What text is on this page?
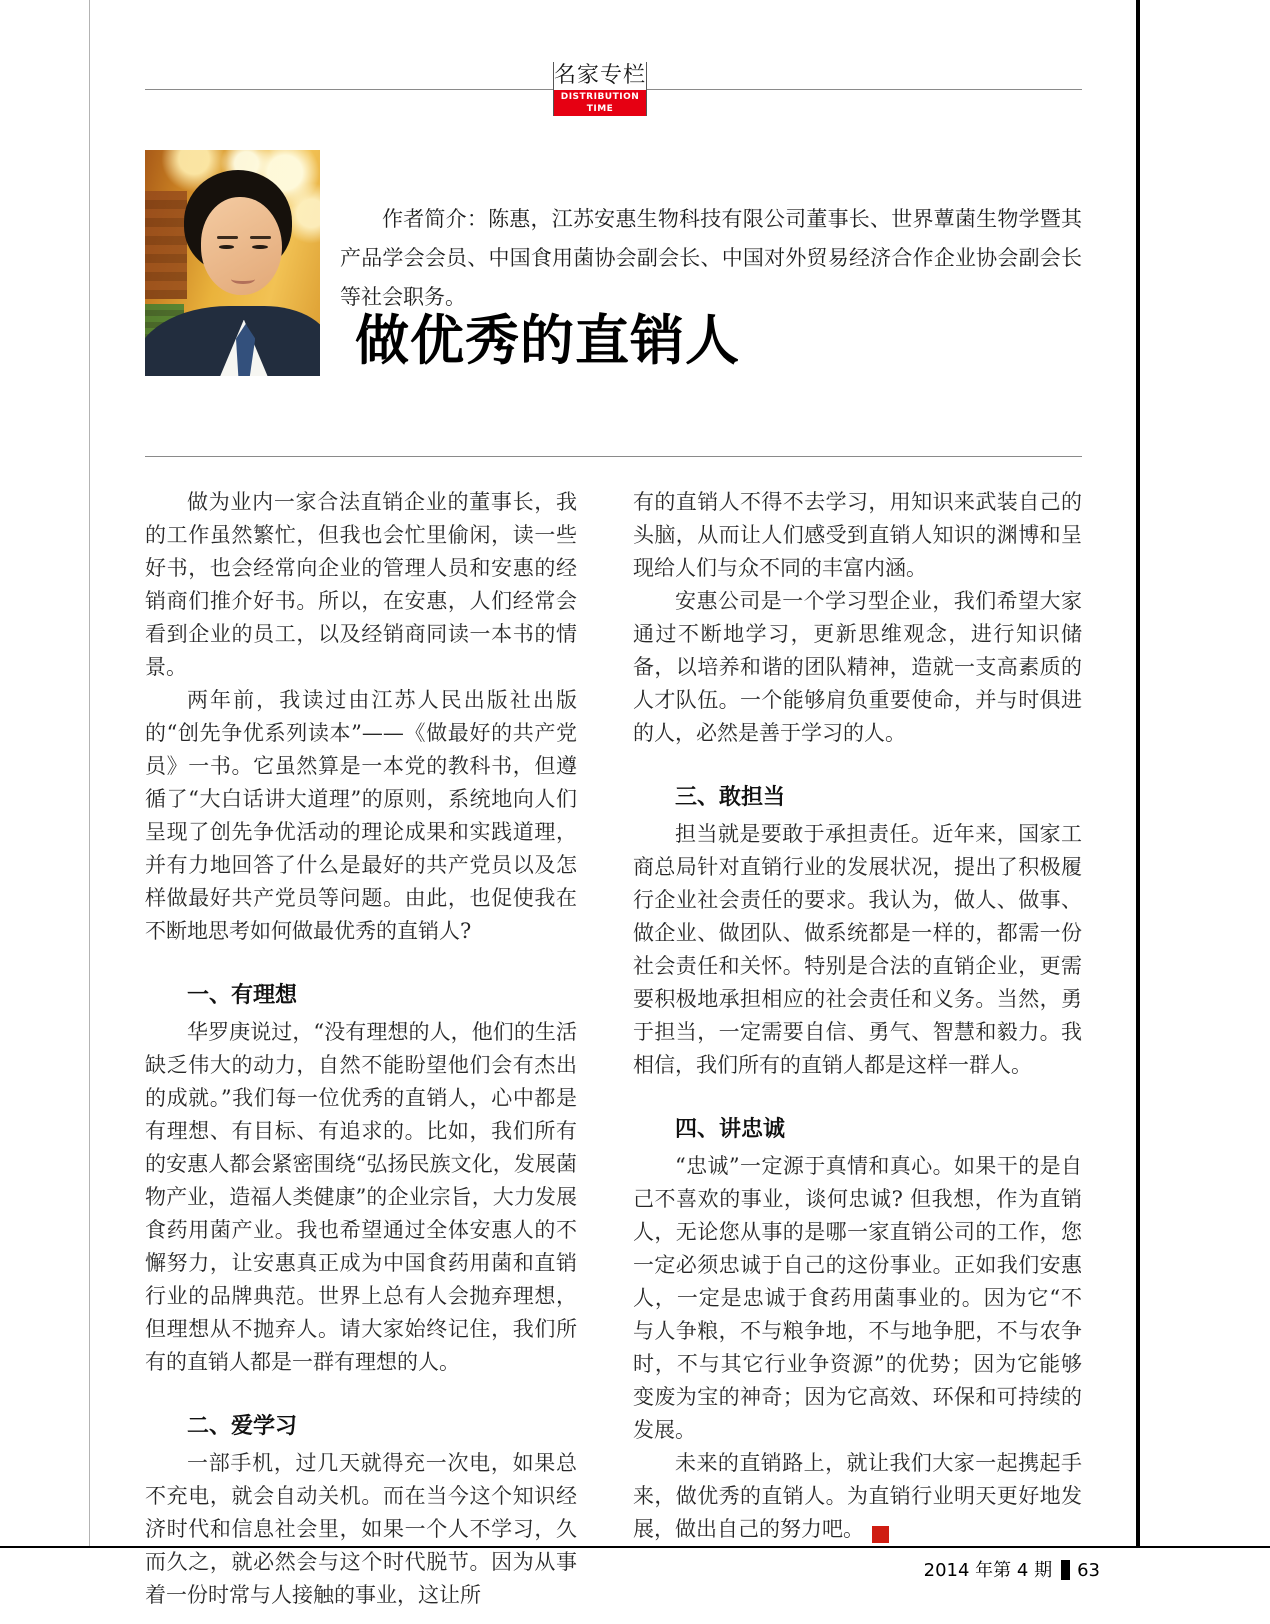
名家专栏
DISTRIBUTION TIME
作者简介：陈惠，江苏安惠生物科技有限公司董事长、世界蕈菌生物学暨其产品学会会员、中国食用菌协会副会长、中国对外贸易经济合作企业协会副会长等社会职务。
做优秀的直销人

做为业内一家合法直销企业的董事长，我的工作虽然繁忙，但我也会忙里偷闲，读一些好书，也会经常向企业的管理人员和安惠的经销商们推介好书。所以，在安惠，人们经常会看到企业的员工，以及经销商同读一本书的情景。

两年前，我读过由江苏人民出版社出版的“创先争优系列读本”——《做最好的共产党员》一书。它虽然算是一本党的教科书，但遵循了“大白话讲大道理”的原则，系统地向人们呈现了创先争优活动的理论成果和实践道理，并有力地回答了什么是最好的共产党员以及怎样做最好共产党员等问题。由此，也促使我在不断地思考如何做最优秀的直销人?

一、有理想

华罗庚说过，“没有理想的人，他们的生活缺乏伟大的动力，自然不能盼望他们会有杰出的成就。”我们每一位优秀的直销人，心中都是有理想、有目标、有追求的。比如，我们所有的安惠人都会紧密围绕“弘扬民族文化，发展菌物产业，造福人类健康”的企业宗旨，大力发展食药用菌产业。我也希望通过全体安惠人的不懈努力，让安惠真正成为中国食药用菌和直销行业的品牌典范。世界上总有人会抛弃理想，但理想从不抛弃人。请大家始终记住，我们所有的直销人都是一群有理想的人。

二、爱学习

一部手机，过几天就得充一次电，如果总不充电，就会自动关机。而在当今这个知识经济时代和信息社会里，如果一个人不学习，久而久之，就必然会与这个时代脱节。因为从事着一份时常与人接触的事业，这让所

有的直销人不得不去学习，用知识来武装自己的头脑，从而让人们感受到直销人知识的渊博和呈现给人们与众不同的丰富内涵。

安惠公司是一个学习型企业，我们希望大家通过不断地学习，更新思维观念，进行知识储备，以培养和谐的团队精神，造就一支高素质的人才队伍。一个能够肩负重要使命，并与时俱进的人，必然是善于学习的人。

三、敢担当

担当就是要敢于承担责任。近年来，国家工商总局针对直销行业的发展状况，提出了积极履行企业社会责任的要求。我认为，做人、做事、做企业、做团队、做系统都是一样的，都需一份社会责任和关怀。特别是合法的直销企业，更需要积极地承担相应的社会责任和义务。当然，勇于担当，一定需要自信、勇气、智慧和毅力。我相信，我们所有的直销人都是这样一群人。

四、讲忠诚

“忠诚”一定源于真情和真心。如果干的是自己不喜欢的事业，谈何忠诚? 但我想，作为直销人，无论您从事的是哪一家直销公司的工作，您一定必须忠诚于自己的这份事业。正如我们安惠人，一定是忠诚于食药用菌事业的。因为它“不与人争粮，不与粮争地，不与地争肥，不与农争时，不与其它行业争资源”的优势；因为它能够变废为宝的神奇；因为它高效、环保和可持续的发展。

未来的直销路上，就让我们大家一起携起手来，做优秀的直销人。为直销行业明天更好地发展，做出自己的努力吧。	后

2014 年第 4 期 63
